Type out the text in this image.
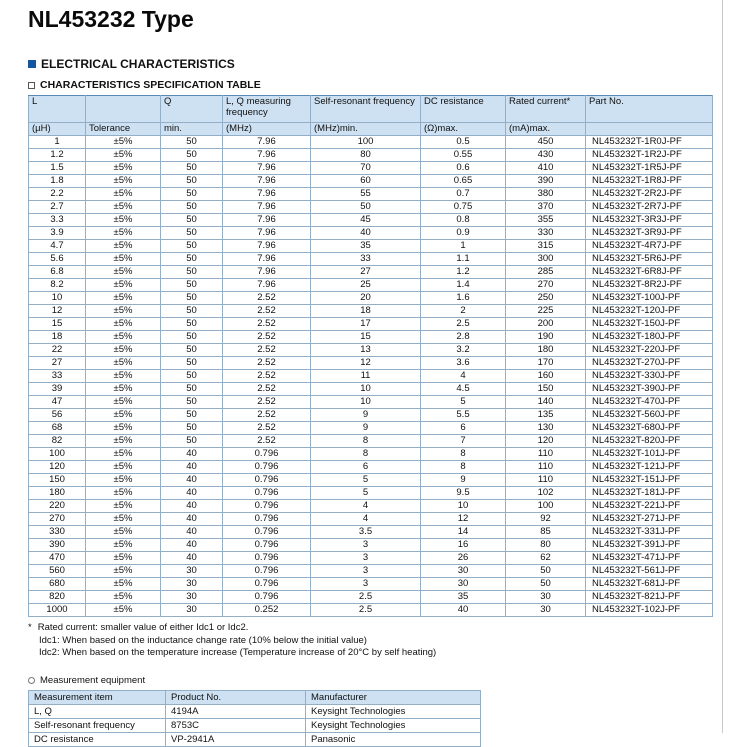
NL453232 Type
ELECTRICAL CHARACTERISTICS
CHARACTERISTICS SPECIFICATION TABLE
L		Q	L, Q measuring frequency	Self-resonant frequency	DC resistance	Rated current*	Part No.
(µH)	Tolerance	min.	(MHz)	(MHz)min.	(Ω)max.	(mA)max.	
1	±5%	50	7.96	100	0.5	450	NL453232T-1R0J-PF
1.2	±5%	50	7.96	80	0.55	430	NL453232T-1R2J-PF
1.5	±5%	50	7.96	70	0.6	410	NL453232T-1R5J-PF
1.8	±5%	50	7.96	60	0.65	390	NL453232T-1R8J-PF
2.2	±5%	50	7.96	55	0.7	380	NL453232T-2R2J-PF
2.7	±5%	50	7.96	50	0.75	370	NL453232T-2R7J-PF
3.3	±5%	50	7.96	45	0.8	355	NL453232T-3R3J-PF
3.9	±5%	50	7.96	40	0.9	330	NL453232T-3R9J-PF
4.7	±5%	50	7.96	35	1	315	NL453232T-4R7J-PF
5.6	±5%	50	7.96	33	1.1	300	NL453232T-5R6J-PF
6.8	±5%	50	7.96	27	1.2	285	NL453232T-6R8J-PF
8.2	±5%	50	7.96	25	1.4	270	NL453232T-8R2J-PF
10	±5%	50	2.52	20	1.6	250	NL453232T-100J-PF
12	±5%	50	2.52	18	2	225	NL453232T-120J-PF
15	±5%	50	2.52	17	2.5	200	NL453232T-150J-PF
18	±5%	50	2.52	15	2.8	190	NL453232T-180J-PF
22	±5%	50	2.52	13	3.2	180	NL453232T-220J-PF
27	±5%	50	2.52	12	3.6	170	NL453232T-270J-PF
33	±5%	50	2.52	11	4	160	NL453232T-330J-PF
39	±5%	50	2.52	10	4.5	150	NL453232T-390J-PF
47	±5%	50	2.52	10	5	140	NL453232T-470J-PF
56	±5%	50	2.52	9	5.5	135	NL453232T-560J-PF
68	±5%	50	2.52	9	6	130	NL453232T-680J-PF
82	±5%	50	2.52	8	7	120	NL453232T-820J-PF
100	±5%	40	0.796	8	8	110	NL453232T-101J-PF
120	±5%	40	0.796	6	8	110	NL453232T-121J-PF
150	±5%	40	0.796	5	9	110	NL453232T-151J-PF
180	±5%	40	0.796	5	9.5	102	NL453232T-181J-PF
220	±5%	40	0.796	4	10	100	NL453232T-221J-PF
270	±5%	40	0.796	4	12	92	NL453232T-271J-PF
330	±5%	40	0.796	3.5	14	85	NL453232T-331J-PF
390	±5%	40	0.796	3	16	80	NL453232T-391J-PF
470	±5%	40	0.796	3	26	62	NL453232T-471J-PF
560	±5%	30	0.796	3	30	50	NL453232T-561J-PF
680	±5%	30	0.796	3	30	50	NL453232T-681J-PF
820	±5%	30	0.796	2.5	35	30	NL453232T-821J-PF
1000	±5%	30	0.252	2.5	40	30	NL453232T-102J-PF
* Rated current: smaller value of either Idc1 or Idc2.
Idc1: When based on the inductance change rate (10% below the initial value)
Idc2: When based on the temperature increase (Temperature increase of 20°C by self heating)
Measurement equipment
Measurement item	Product No.	Manufacturer
L, Q	4194A	Keysight Technologies
Self-resonant frequency	8753C	Keysight Technologies
DC resistance	VP-2941A	Panasonic
